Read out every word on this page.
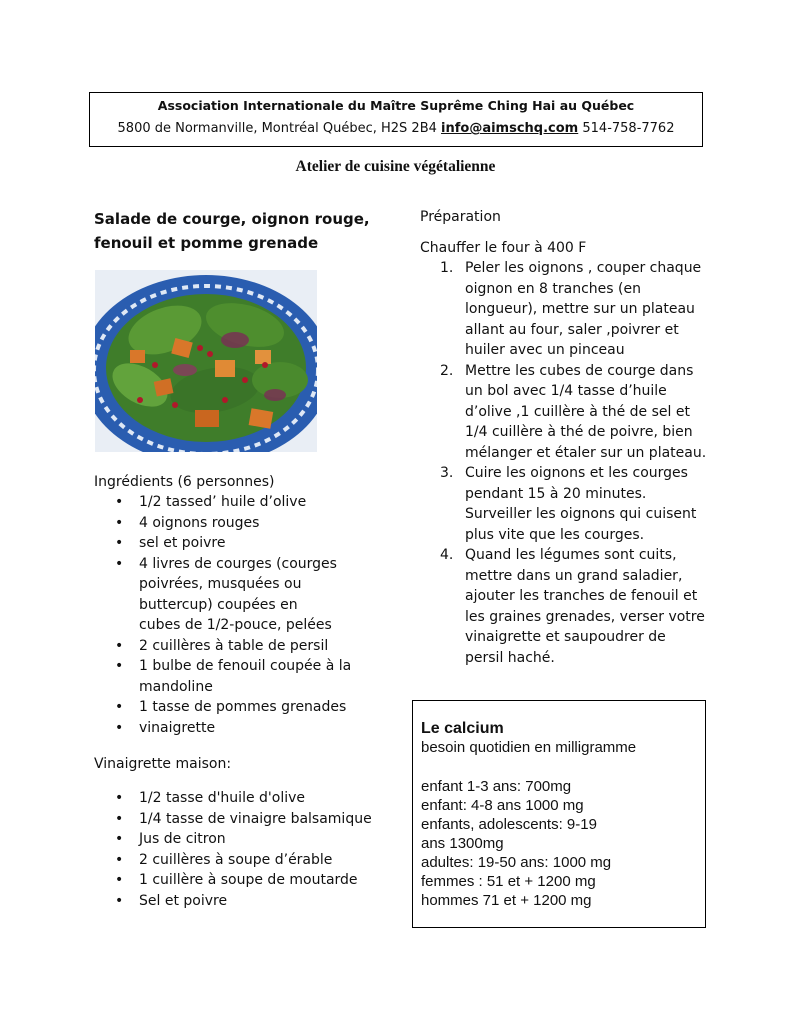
Association Internationale du Maître Suprême Ching Hai au Québec
5800 de Normanville, Montréal Québec, H2S 2B4 info@aimschq.com 514-758-7762
Atelier de cuisine végétalienne

Salade de courge, oignon rouge,
fenouil et pomme grenade

Ingrédients (6 personnes)
• 1/2 tassed’ huile d’olive
• 4 oignons rouges
• sel et poivre
• 4 livres de courges (courges poivrées, musquées ou buttercup) coupées en cubes de 1/2-pouce, pelées
• 2 cuillères à table de persil
• 1 bulbe de fenouil coupée à la mandoline
• 1 tasse de pommes grenades
• vinaigrette
Vinaigrette maison:
• 1/2 tasse d'huile d'olive
• 1/4 tasse de vinaigre balsamique
• Jus de citron
• 2 cuillères à soupe d’érable
• 1 cuillère à soupe de moutarde
• Sel et poivre
Préparation
Chauffer le four à 400 F
1. Peler les oignons , couper chaque oignon en 8 tranches (en longueur), mettre sur un plateau allant au four, saler ,poivrer et huiler avec un pinceau
2. Mettre les cubes de courge dans un bol avec 1/4 tasse d’huile d’olive ,1 cuillère à thé de sel et 1/4 cuillère à thé de poivre, bien mélanger et étaler sur un plateau.
3. Cuire les oignons et les courges pendant 15 à 20 minutes. Surveiller les oignons qui cuisent plus vite que les courges.
4. Quand les légumes sont cuits, mettre dans un grand saladier, ajouter les tranches de fenouil et les graines grenades, verser votre vinaigrette et saupoudrer de persil haché.
Le calcium
besoin quotidien en milligramme
enfant 1-3 ans: 700mg
enfant: 4-8 ans 1000 mg
enfants, adolescents: 9-19
ans 1300mg
adultes: 19-50 ans: 1000 mg
femmes : 51 et + 1200 mg
hommes 71 et + 1200 mg
